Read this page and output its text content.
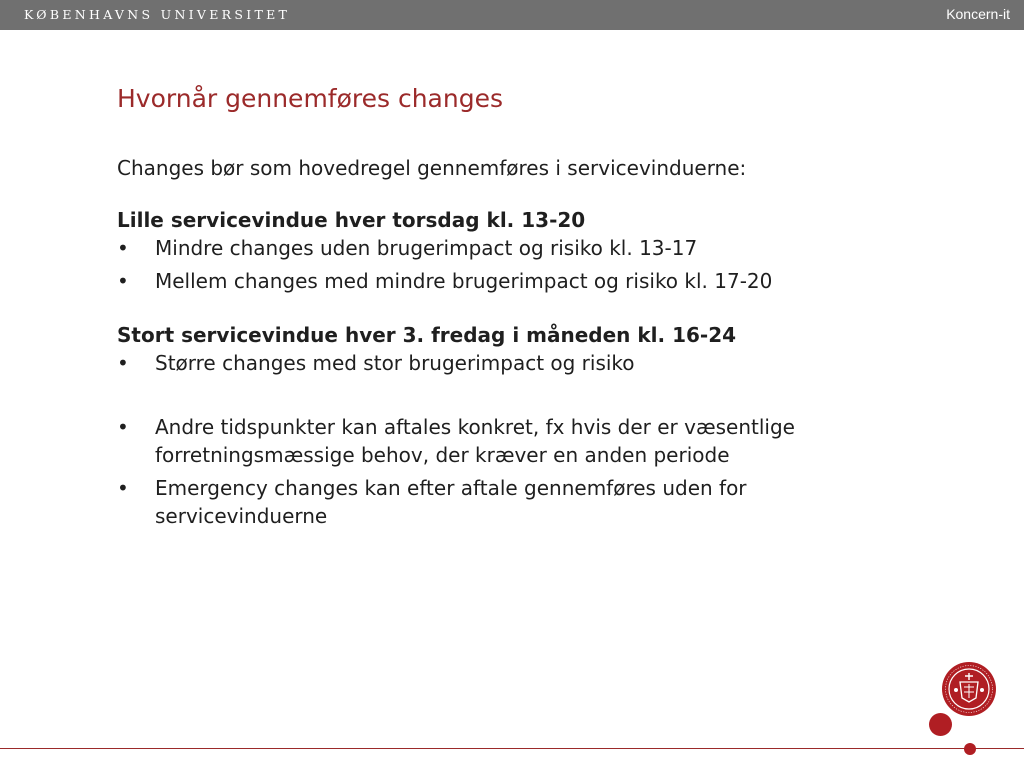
KØBENHAVNS UNIVERSITET	Koncern-it
Hvornår gennemføres changes

Changes bør som hovedregel gennemføres i servicevinduerne:

Lille servicevindue hver torsdag kl. 13-20

• Mindre changes uden brugerimpact og risiko kl. 13-17
• Mellem changes med mindre brugerimpact og risiko kl. 17-20

Stort servicevindue hver 3. fredag i måneden kl. 16-24

• Større changes med stor brugerimpact og risiko
• Andre tidspunkter kan aftales konkret, fx hvis der er væsentlige forretningsmæssige behov, der kræver en anden periode
• Emergency changes kan efter aftale gennemføres uden for servicevinduerne
